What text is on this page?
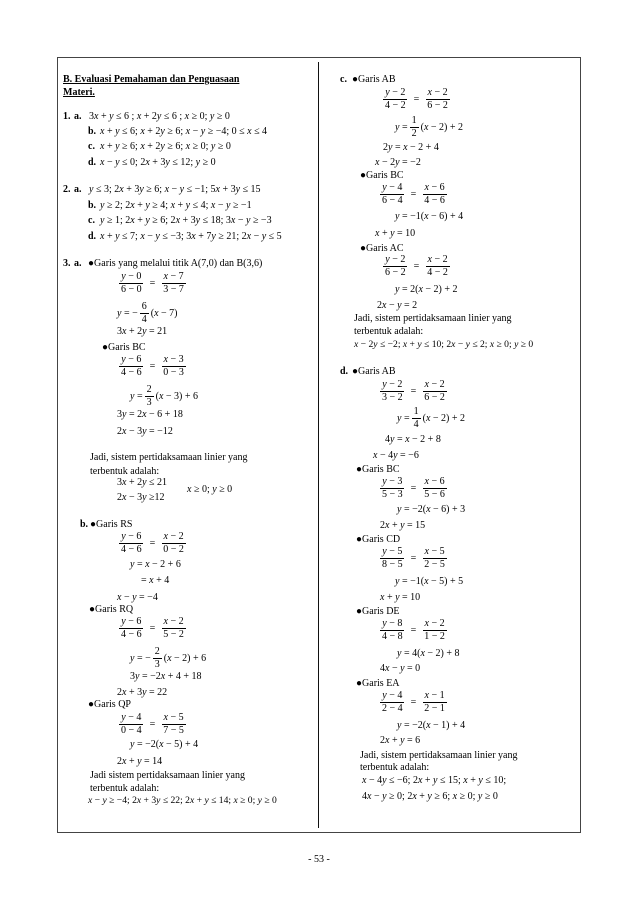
B. Evaluasi Pemahaman dan Penguasaan
Materi.
1. a. 3x + y ≤ 6 ; x + 2y ≤ 6 ; x ≥ 0; y ≥ 0
b. x + y ≤ 6; x + 2y ≥ 6; x − y ≥ −4; 0 ≤ x ≤ 4
c. x + y ≥ 6; x + 2y ≥ 6; x ≥ 0; y ≥ 0
d. x − y ≤ 0; 2x + 3y ≤ 12; y ≥ 0
2. a. y ≤ 3; 2x + 3y ≥ 6; x − y ≤ −1; 5x + 3y ≤ 15
b. y ≥ 2; 2x + y ≥ 4; x + y ≤ 4; x − y ≥ −1
c. y ≥ 1; 2x + y ≥ 6; 2x + 3y ≤ 18; 3x − y ≥ −3
d. x + y ≤ 7; x − y ≤ −3; 3x + 7y ≥ 21; 2x − y ≤ 5
3. a. ●Garis yang melalui titik A(7,0) dan B(3,6)
$\frac{y - 0}{6 - 0} = \frac{x - 7}{3 - 7}$
y = − $\frac{6}{4} (x - 7)$
3x + 2y = 21
●Garis BC
$\frac{y - 6}{4 - 6} = \frac{x - 3}{0 - 3}$
$y = \frac{2}{3} (x - 3) + 6$
3y = 2x − 6 + 18
2x − 3y = −12
Jadi, sistem pertidaksamaan linier yang
terbentuk adalah:
3x + 2y ≤ 21
2x − 3y ≥12
x ≥ 0; y ≥ 0
b. ●Garis RS
$\frac{y - 6}{4 - 6} = \frac{x - 2}{0 - 2}$
y = x − 2 + 6
= x + 4
x − y = −4
●Garis RQ
$\frac{y - 6}{4 - 6} = \frac{x - 2}{5 - 2}$
y = − $\frac{2}{3} (x - 2) + 6$
3y = −2x + 4 + 18
2x + 3y = 22
●Garis QP
$\frac{y - 4}{0 - 4} = \frac{x - 5}{7 - 5}$
y = −2(x − 5) + 4
2x + y = 14
Jadi sistem pertidaksamaan linier yang
terbentuk adalah:
x − y ≥ −4; 2x + 3y ≤ 22; 2x + y ≤ 14; x ≥ 0; y ≥ 0
c. ●Garis AB
$\frac{y - 2}{4 - 2} = \frac{x - 2}{6 - 2}$
$y = \frac{1}{2} (x - 2) + 2$
2y = x − 2 + 4
x − 2y = −2
●Garis BC
$\frac{y - 4}{6 - 4} = \frac{x - 6}{4 - 6}$
y = −1(x − 6) + 4
x + y = 10
●Garis AC
$\frac{y - 2}{6 - 2} = \frac{x - 2}{4 - 2}$
y = 2(x − 2) + 2
2x − y = 2
Jadi, sistem pertidaksamaan linier yang
terbentuk adalah:
x − 2y ≤ −2; x + y ≤ 10; 2x − y ≤ 2; x ≥ 0; y ≥ 0
d. ●Garis AB
$\frac{y - 2}{3 - 2} = \frac{x - 2}{6 - 2}$
$y = \frac{1}{4} (x - 2) + 2$
4y = x − 2 + 8
x − 4y = −6
●Garis BC
$\frac{y - 3}{5 - 3} = \frac{x - 6}{5 - 6}$
y = −2(x − 6) + 3
2x + y = 15
●Garis CD
$\frac{y - 5}{8 - 5} = \frac{x - 5}{2 - 5}$
y = −1(x − 5) + 5
x + y = 10
●Garis DE
$\frac{y - 8}{4 - 8} = \frac{x - 2}{1 - 2}$
y = 4(x − 2) + 8
4x − y = 0
●Garis EA
$\frac{y - 4}{2 - 4} = \frac{x - 1}{2 - 1}$
y = −2(x − 1) + 4
2x + y = 6
Jadi, sistem pertidaksamaan linier yang
terbentuk adalah:
x − 4y ≤ −6; 2x + y ≤ 15; x + y ≤ 10;
4x − y ≥ 0; 2x + y ≥ 6; x ≥ 0; y ≥ 0
- 53 -
